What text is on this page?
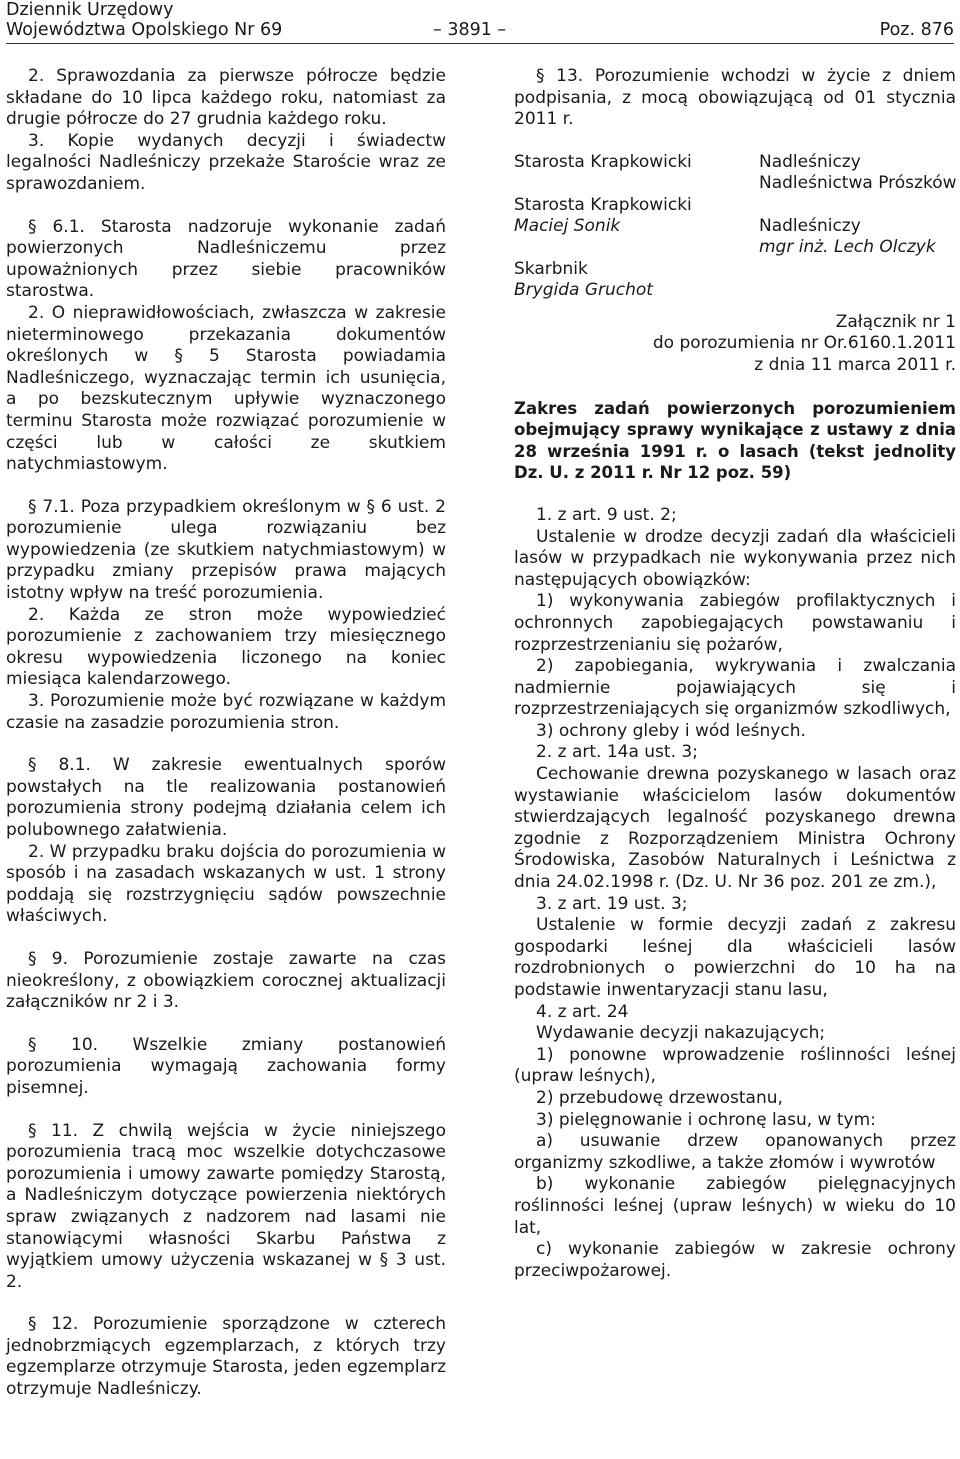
Dziennik Urzędowy
Województwa Opolskiego Nr 69	– 3891 –	Poz. 876

2. Sprawozdania za pierwsze półrocze będzie składane do 10 lipca każdego roku, natomiast za drugie półrocze do 27 grudnia każdego roku.

3. Kopie wydanych decyzji i świadectw legalności Nadleśniczy przekaże Staroście wraz ze sprawozdaniem.

§ 6.1. Starosta nadzoruje wykonanie zadań powierzonych Nadleśniczemu przez upoważnionych przez siebie pracowników starostwa.

2. O nieprawidłowościach, zwłaszcza w zakresie nieterminowego przekazania dokumentów określonych w § 5 Starosta powiadamia Nadleśniczego, wyznaczając termin ich usunięcia, a po bezskutecznym upływie wyznaczonego terminu Starosta może rozwiązać porozumienie w części lub w całości ze skutkiem natychmiastowym.

§ 7.1. Poza przypadkiem określonym w § 6 ust. 2 porozumienie ulega rozwiązaniu bez wypowiedzenia (ze skutkiem natychmiastowym) w przypadku zmiany przepisów prawa mających istotny wpływ na treść porozumienia.

2. Każda ze stron może wypowiedzieć porozumienie z zachowaniem trzy miesięcznego okresu wypowiedzenia liczonego na koniec miesiąca kalendarzowego.

3. Porozumienie może być rozwiązane w każdym czasie na zasadzie porozumienia stron.

§ 8.1. W zakresie ewentualnych sporów powstałych na tle realizowania postanowień porozumienia strony podejmą działania celem ich polubownego załatwienia.

2. W przypadku braku dojścia do porozumienia w sposób i na zasadach wskazanych w ust. 1 strony poddają się rozstrzygnięciu sądów powszechnie właściwych.

§ 9. Porozumienie zostaje zawarte na czas nieokreślony, z obowiązkiem corocznej aktualizacji załączników nr 2 i 3.

§ 10. Wszelkie zmiany postanowień porozumienia wymagają zachowania formy pisemnej.

§ 11. Z chwilą wejścia w życie niniejszego porozumienia tracą moc wszelkie dotychczasowe porozumienia i umowy zawarte pomiędzy Starostą, a Nadleśniczym dotyczące powierzenia niektórych spraw związanych z nadzorem nad lasami nie stanowiącymi własności Skarbu Państwa z wyjątkiem umowy użyczenia wskazanej w § 3 ust. 2.

§ 12. Porozumienie sporządzone w czterech jednobrzmiących egzemplarzach, z których trzy egzemplarze otrzymuje Starosta, jeden egzemplarz otrzymuje Nadleśniczy.

§ 13. Porozumienie wchodzi w życie z dniem podpisania, z mocą obowiązującą od 01 stycznia 2011 r.

Starosta Krapkowicki
Starosta Krapkowicki
Maciej Sonik
Skarbnik
Brygida Gruchot
Nadleśniczy
Nadleśnictwa Prószków
Nadleśniczy
mgr inż. Lech Olczyk

Załącznik nr 1

do porozumienia nr Or.6160.1.2011

z dnia 11 marca 2011 r.

Zakres zadań powierzonych porozumieniem obejmujący sprawy wynikające z ustawy z dnia 28 września 1991 r. o lasach (tekst jednolity Dz. U. z 2011 r. Nr 12 poz. 59)

1. z art. 9 ust. 2;

Ustalenie w drodze decyzji zadań dla właścicieli lasów w przypadkach nie wykonywania przez nich następujących obowiązków:

1) wykonywania zabiegów profilaktycznych i ochronnych zapobiegających powstawaniu i rozprzestrzenianiu się pożarów,

2) zapobiegania, wykrywania i zwalczania nadmiernie pojawiających się i rozprzestrzeniających się organizmów szkodliwych,

3) ochrony gleby i wód leśnych.

2. z art. 14a ust. 3;

Cechowanie drewna pozyskanego w lasach oraz wystawianie właścicielom lasów dokumentów stwierdzających legalność pozyskanego drewna zgodnie z Rozporządzeniem Ministra Ochrony Środowiska, Zasobów Naturalnych i Leśnictwa z dnia 24.02.1998 r. (Dz. U. Nr 36 poz. 201 ze zm.),

3. z art. 19 ust. 3;

Ustalenie w formie decyzji zadań z zakresu gospodarki leśnej dla właścicieli lasów rozdrobnionych o powierzchni do 10 ha na podstawie inwentaryzacji stanu lasu,

4. z art. 24

Wydawanie decyzji nakazujących;

1) ponowne wprowadzenie roślinności leśnej (upraw leśnych),

2) przebudowę drzewostanu,

3) pielęgnowanie i ochronę lasu, w tym:

a) usuwanie drzew opanowanych przez organizmy szkodliwe, a także złomów i wywrotów

b) wykonanie zabiegów pielęgnacyjnych roślinności leśnej (upraw leśnych) w wieku do 10 lat,

c) wykonanie zabiegów w zakresie ochrony przeciwpożarowej.
